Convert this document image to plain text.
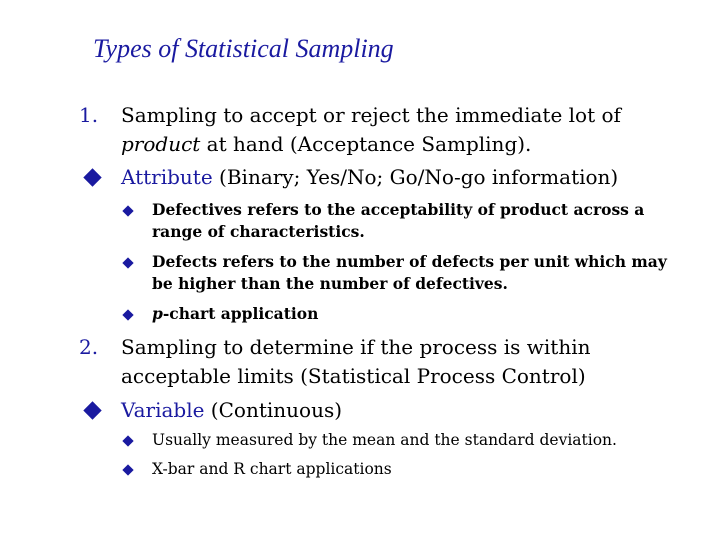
Types of Statistical Sampling
1.	Sampling to accept or reject the immediate lot of
product at hand (Acceptance Sampling).
Attribute (Binary; Yes/No; Go/No-go information)
Defectives refers to the acceptability of product across a
range of characteristics.
Defects refers to the number of defects per unit which may
be higher than the number of defectives.
p-chart application
2.	Sampling to determine if the process is within
acceptable limits (Statistical Process Control)
Variable (Continuous)
Usually measured by the mean and the standard deviation.
X-bar and R chart applications
